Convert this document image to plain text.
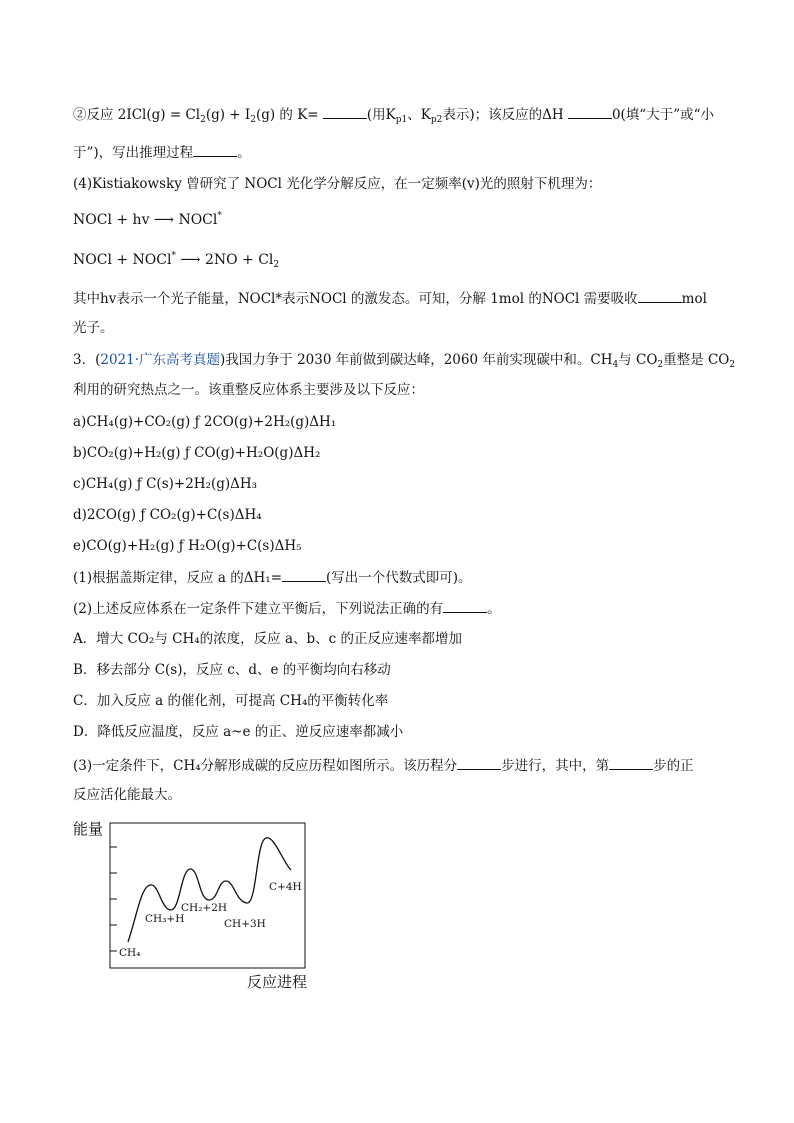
②反应 $2ICl(g) = Cl_2(g) + I_2(g)$ 的 K=	(用$K_{p1}$、$K_{p2}$表示)；该反应的ΔH	0(填“大于”或“小
于”)，写出推理过程	。
(4)Kistiakowsky 曾研究了 NOCl 光化学分解反应，在一定频率(v)光的照射下机理为：
NOCl + hv ⟶ NOCl*
NOCl + NOCl* ⟶ $2NO + Cl_2$
其中hv表示一个光子能量，NOCl*表示NOCl 的激发态。可知，分解 1mol 的NOCl 需要吸收	mol
光子。
3．(2021·广东高考真题)我国力争于 2030 年前做到碳达峰，2060 年前实现碳中和。$CH_4$与 $CO_2$重整是 $CO_2$
利用的研究热点之一。该重整反应体系主要涉及以下反应：
a)CH₄(g)+CO₂(g) ƒ 2CO(g)+2H₂(g)ΔH₁
b)CO₂(g)+H₂(g) ƒ CO(g)+H₂O(g)ΔH₂
c)CH₄(g) ƒ C(s)+2H₂(g)ΔH₃
d)2CO(g) ƒ CO₂(g)+C(s)ΔH₄
e)CO(g)+H₂(g) ƒ H₂O(g)+C(s)ΔH₅
(1)根据盖斯定律，反应 a 的ΔH₁=	(写出一个代数式即可)。
(2)上述反应体系在一定条件下建立平衡后，下列说法正确的有	。
A．增大 CO₂与 CH₄的浓度，反应 a、b、c 的正反应速率都增加
B．移去部分 C(s)，反应 c、d、e 的平衡均向右移动
C．加入反应 a 的催化剂，可提高 CH₄的平衡转化率
D．降低反应温度，反应 a~e 的正、逆反应速率都减小
(3)一定条件下，CH₄分解形成碳的反应历程如图所示。该历程分	步进行，其中，第	步的正
反应活化能最大。
能量
CH₄
CH₃+H
CH₂+2H
CH+3H
C+4H
反应进程
